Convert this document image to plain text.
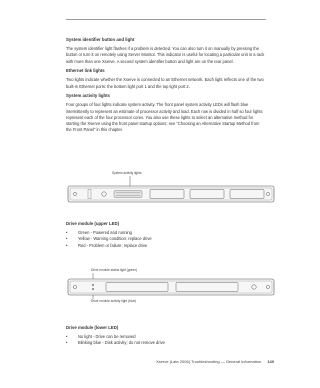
System identifier button and light

The system identifier light flashes if a problem is detected. You can also turn it on manually by pressing the button or turn it on remotely using Server Monitor. This indicator is useful for locating a particular unit in a rack with more than one Xserve. A second system identifier button and light are on the rear panel.

Ethernet link lights

Two lights indicate whether the Xserve is connected to an Ethernet network. Each light reflects one of the two built-in Ethernet ports: the bottom light port 1 and the top light port 2.

System activity lights

Four groups of four lights indicate system activity. The front panel system activity LEDs will flash blue intermittently to represent an estimate of processor activity and load. Each row is divided in half so four lights represent each of the four processor cores. You also use these lights to select an alternative method for starting the Xserve using the front panel startup options; see “Choosing an Alternative Startup Method from the Front Panel” in this chapter.

System activity lights
Drive module (upper LED)
•	Green - Powered and running
•	Yellow - Warning condition; replace drive
•	Red - Problem or failure; replace drive
Drive module status light (green)
Drive module activity light (blue)
Drive module (lower LED)
•	No light - Drive can be removed
•	Blinking blue - Disk activity; do not remove drive
Xserve (Late 2006) Troubleshooting — General Information 140
